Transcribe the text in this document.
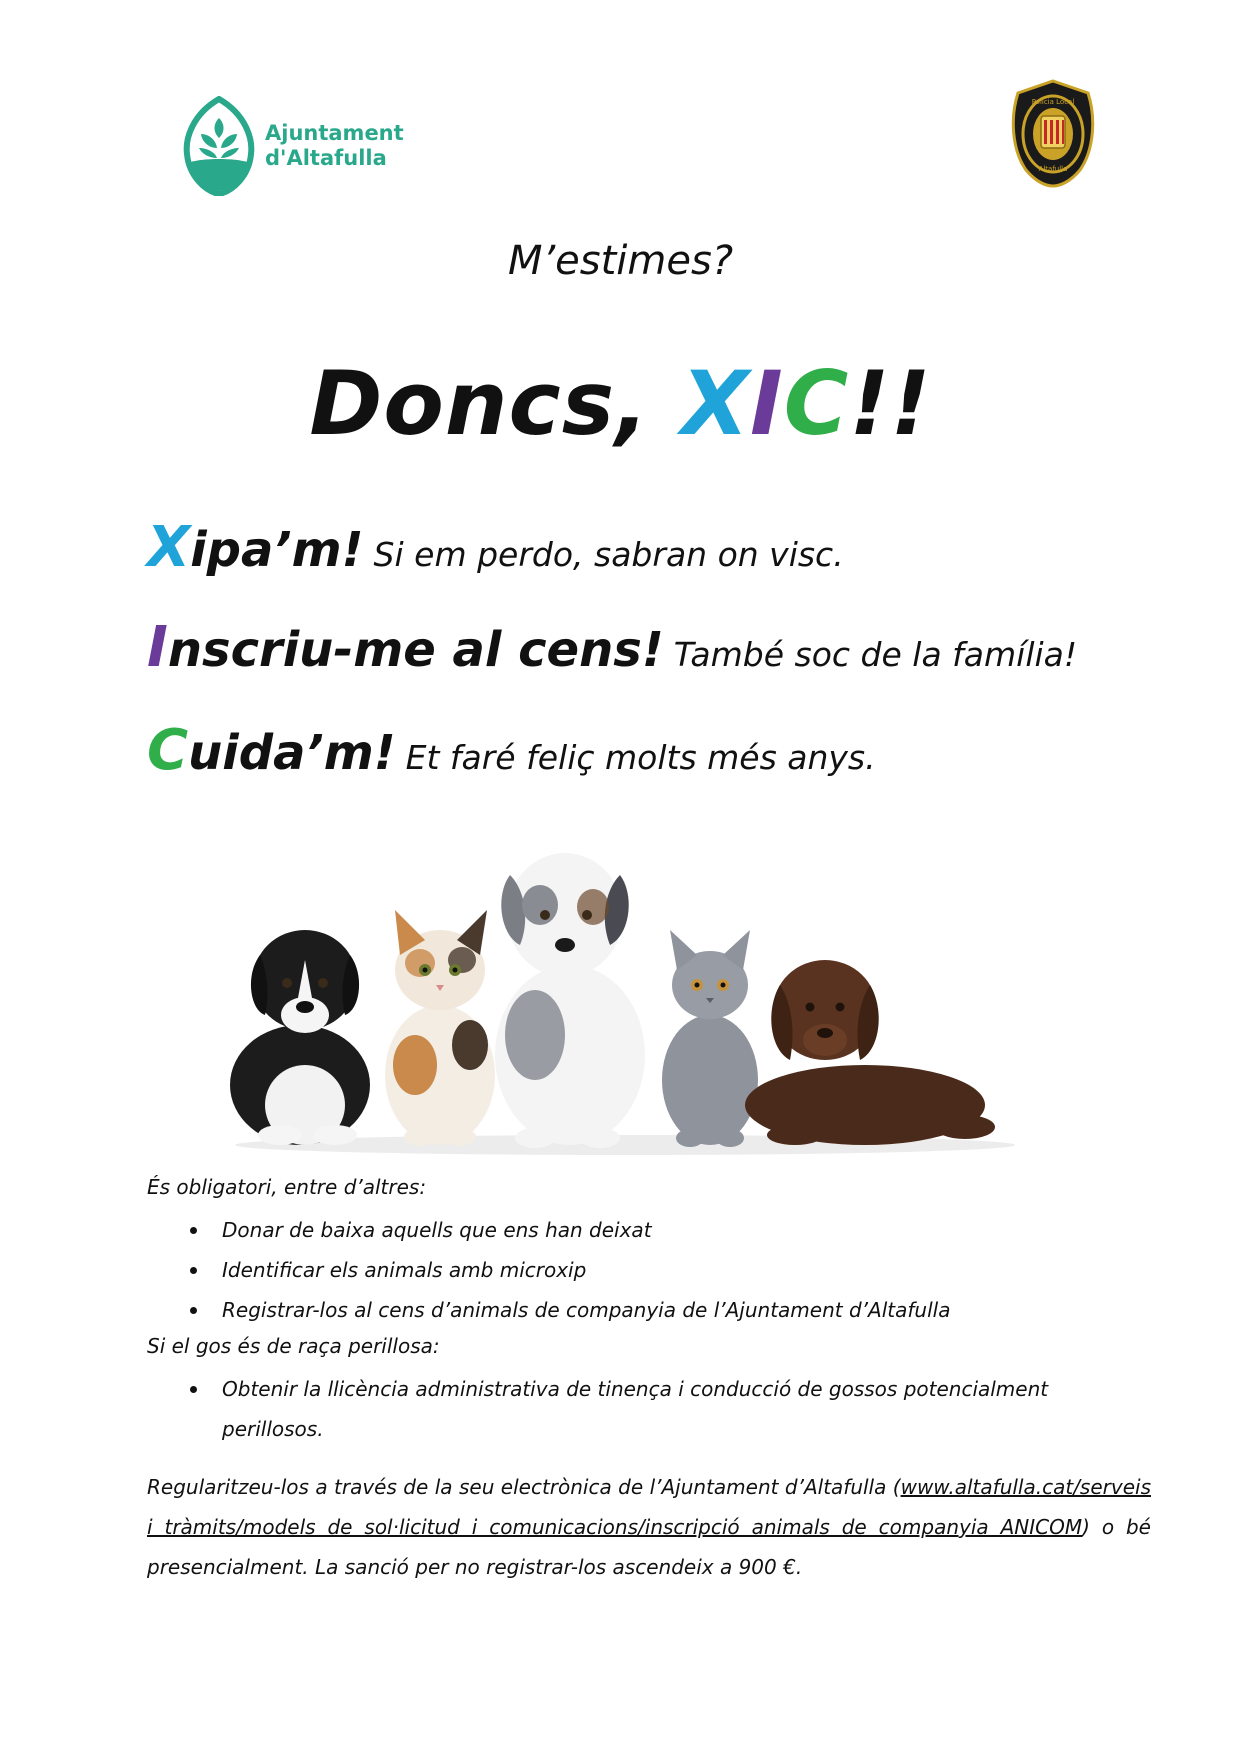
Ajuntament
d'Altafulla
Policia Local
Altafulla
M’estimes?
Doncs, XIC!!
Xipa’m! Si em perdo, sabran on visc.
Inscriu-me al cens! També soc de la família!
Cuida’m! Et faré feliç molts més anys.
És obligatori, entre d’altres:
Donar de baixa aquells que ens han deixat
Identificar els animals amb microxip
Registrar-los al cens d’animals de companyia de l’Ajuntament d’Altafulla
Si el gos és de raça perillosa:
Obtenir la llicència administrativa de tinença i conducció de gossos potencialment perillosos.
Regularitzeu-los a través de la seu electrònica de l’Ajuntament d’Altafulla (www.altafulla.cat/serveis i tràmits/models de sol·licitud i comunicacions/inscripció animals de companyia ANICOM) o bé presencialment. La sanció per no registrar-los ascendeix a 900 €.
